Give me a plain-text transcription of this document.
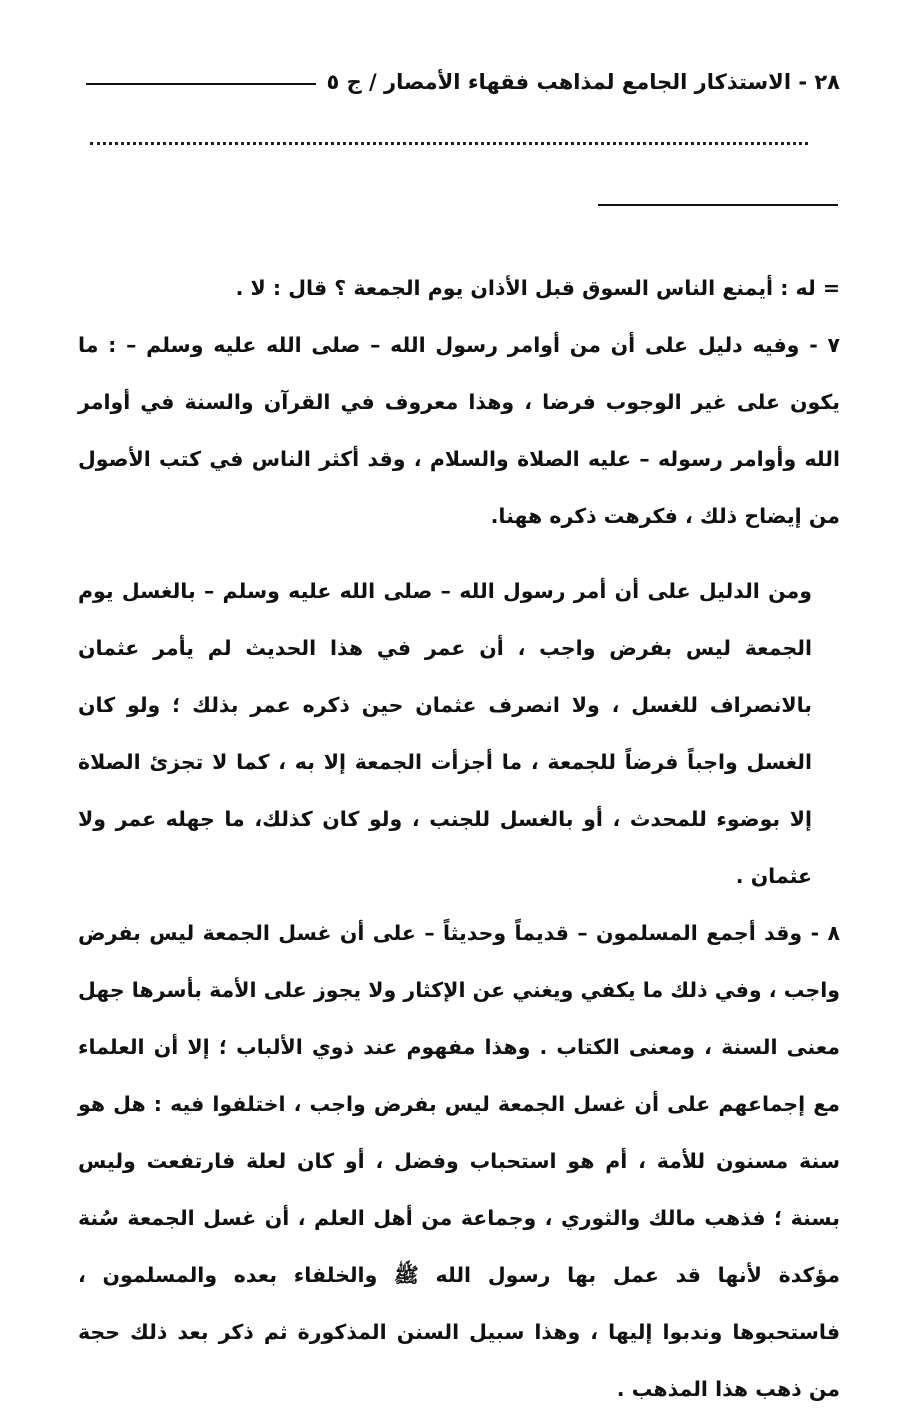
٢٨ - الاستذكار الجامع لمذاهب فقهاء الأمصار / ج ٥

= له : أيمنع الناس السوق قبل الأذان يوم الجمعة ؟ قال : لا .

٧ - وفيه دليل على أن من أوامر رسول الله – صلى الله عليه وسلم – : ما يكون على غير الوجوب فرضا ، وهذا معروف في القرآن والسنة في أوامر الله وأوامر رسوله – عليه الصلاة والسلام ، وقد أكثر الناس في كتب الأصول من إيضاح ذلك ، فكرهت ذكره ههنا.

ومن الدليل على أن أمر رسول الله – صلى الله عليه وسلم – بالغسل يوم الجمعة ليس بفرض واجب ، أن عمر في هذا الحديث لم يأمر عثمان بالانصراف للغسل ، ولا انصرف عثمان حين ذكره عمر بذلك ؛ ولو كان الغسل واجباً فرضاً للجمعة ، ما أجزأت الجمعة إلا به ، كما لا تجزئ الصلاة إلا بوضوء للمحدث ، أو بالغسل للجنب ، ولو كان كذلك، ما جهله عمر ولا عثمان .

٨ - وقد أجمع المسلمون – قديماً وحديثاً – على أن غسل الجمعة ليس بفرض واجب ، وفي ذلك ما يكفي ويغني عن الإكثار ولا يجوز على الأمة بأسرها جهل معنى السنة ، ومعنى الكتاب . وهذا مفهوم عند ذوي الألباب ؛ إلا أن العلماء مع إجماعهم على أن غسل الجمعة ليس بفرض واجب ، اختلفوا فيه : هل هو سنة مسنون للأمة ، أم هو استحباب وفضل ، أو كان لعلة فارتفعت وليس بسنة ؛ فذهب مالك والثوري ، وجماعة من أهل العلم ، أن غسل الجمعة سُنة مؤكدة لأنها قد عمل بها رسول الله ﷺ والخلفاء بعده والمسلمون ، فاستحبوها وندبوا إليها ، وهذا سبيل السنن المذكورة ثم ذكر بعد ذلك حجة من ذهب هذا المذهب .
